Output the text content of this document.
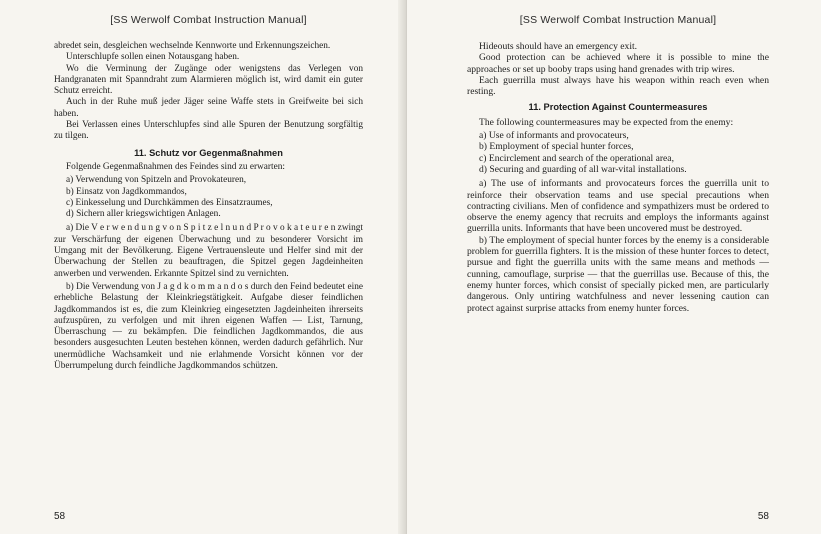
[SS Werwolf Combat Instruction Manual]

abredet sein, desgleichen wechselnde Kennworte und Erkennungszeichen.

Unterschlupfe sollen einen Notausgang haben.

Wo die Verminung der Zugänge oder wenigstens das Verlegen von Handgranaten mit Spanndraht zum Alarmieren möglich ist, wird damit ein guter Schutz erreicht.

Auch in der Ruhe muß jeder Jäger seine Waffe stets in Greifweite bei sich haben.

Bei Verlassen eines Unterschlupfes sind alle Spuren der Benutzung sorgfältig zu tilgen.

11. Schutz vor Gegenmaßnahmen

Folgende Gegenmaßnahmen des Feindes sind zu erwarten:

a) Verwendung von Spitzeln and Provokateuren,
b) Einsatz von Jagdkommandos,
c) Einkesselung und Durchkämmen des Einsatzraumes,
d) Sichern aller kriegswichtigen Anlagen.

a) Die V e r w e n d u n g v o n S p i t z e l n u n d P r o v o k a t e u r e n zwingt zur Verschärfung der eigenen Überwachung und zu besonderer Vorsicht im Umgang mit der Bevölkerung. Eigene Vertrauensleute und Helfer sind mit der Überwachung der Stellen zu beauftragen, die Spitzel gegen Jagdeinheiten anwerben und verwenden. Erkannte Spitzel sind zu vernichten.

b) Die Verwendung von J a g d k o m m a n d o s durch den Feind bedeutet eine erhebliche Belastung der Kleinkriegstätigkeit. Aufgabe dieser feindlichen Jagdkommandos ist es, die zum Kleinkrieg eingesetzten Jagdeinheiten ihrerseits aufzuspüren, zu verfolgen und mit ihren eigenen Waffen — List, Tarnung, Überraschung — zu bekämpfen. Die feindlichen Jagdkommandos, die aus besonders ausgesuchten Leuten bestehen können, werden dadurch gefährlich. Nur unermüdliche Wachsamkeit und nie erlahmende Vorsicht können vor der Überrumpelung durch feindliche Jagdkommandos schützen.

58
[SS Werwolf Combat Instruction Manual]

Hideouts should have an emergency exit.

Good protection can be achieved where it is possible to mine the approaches or set up booby traps using hand grenades with trip wires.

Each guerrilla must always have his weapon within reach even when resting.

11. Protection Against Countermeasures

The following countermeasures may be expected from the enemy:

a) Use of informants and provocateurs,
b) Employment of special hunter forces,
c) Encirclement and search of the operational area,
d) Securing and guarding of all war-vital installations.

a) The use of informants and provocateurs forces the guerrilla unit to reinforce their observation teams and use special precautions when contracting civilians. Men of confidence and sympathizers must be ordered to observe the enemy agency that recruits and employs the informants against guerrilla units. Informants that have been uncovered must be destroyed.

b) The employment of special hunter forces by the enemy is a considerable problem for guerrilla fighters. It is the mission of these hunter forces to detect, pursue and fight the guerrilla units with the same means and methods — cunning, camouflage, surprise — that the guerrillas use. Because of this, the enemy hunter forces, which consist of specially picked men, are particularly dangerous. Only untiring watchfulness and never lessening caution can protect against surprise attacks from enemy hunter forces.

58
